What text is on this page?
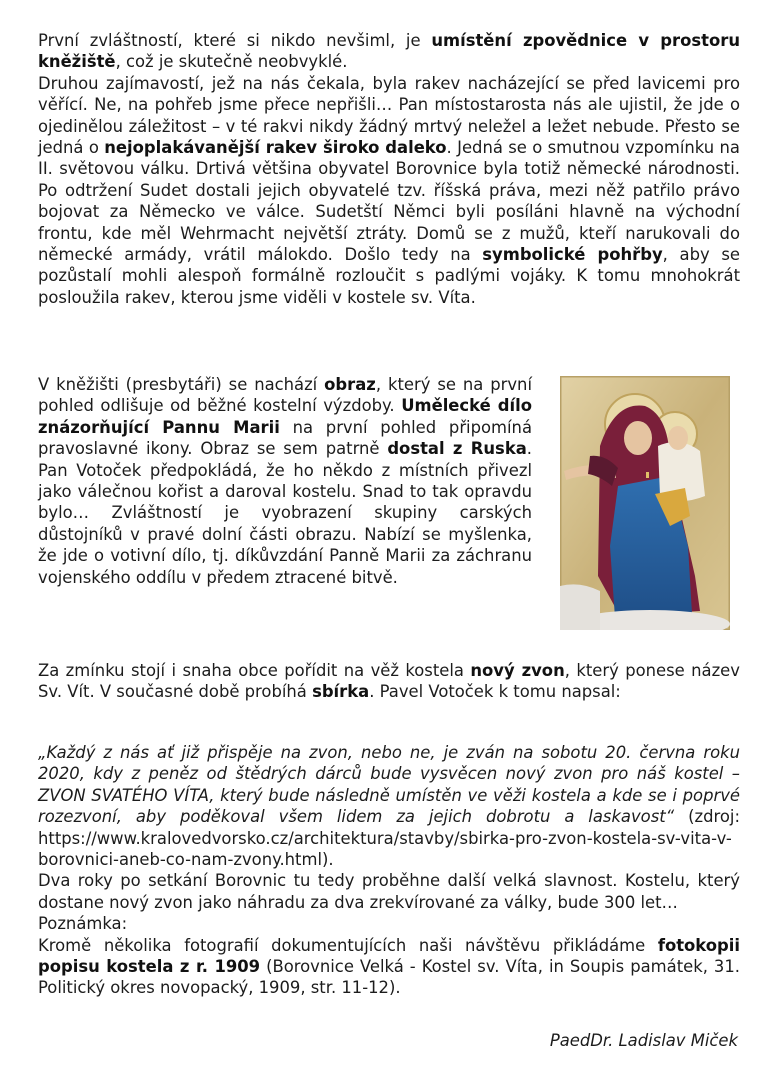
První zvláštností, které si nikdo nevšiml, je umístění zpovědnice v prostoru kněžiště, což je skutečně neobvyklé.
Druhou zajímavostí, jež na nás čekala, byla rakev nacházející se před lavicemi pro věřící. Ne, na pohřeb jsme přece nepřišli… Pan místostarosta nás ale ujistil, že jde o ojedinělou záležitost – v té rakvi nikdy žádný mrtvý neležel a ležet nebude. Přesto se jedná o nejoplakávanější rakev široko daleko. Jedná se o smutnou vzpomínku na II. světovou válku. Drtivá většina obyvatel Borovnice byla totiž německé národnosti. Po odtržení Sudet dostali jejich obyvatelé tzv. říšská práva, mezi něž patřilo právo bojovat za Německo ve válce. Sudetští Němci byli posíláni hlavně na východní frontu, kde měl Wehrmacht největší ztráty. Domů se z mužů, kteří narukovali do německé armády, vrátil málokdo. Došlo tedy na symbolické pohřby, aby se pozůstalí mohli alespoň formálně rozloučit s padlými vojáky. K tomu mnohokrát posloužila rakev, kterou jsme viděli v kostele sv. Víta.

V kněžišti (presbytáři) se nachází obraz, který se na první pohled odlišuje od běžné kostelní výzdoby. Umělecké dílo znázorňující Pannu Marii na první pohled připomíná pravoslavné ikony. Obraz se sem patrně dostal z Ruska. Pan Votoček předpokládá, že ho někdo z místních přivezl jako válečnou kořist a daroval kostelu. Snad to tak opravdu bylo… Zvláštností je vyobrazení skupiny carských důstojníků v pravé dolní části obrazu. Nabízí se myšlenka, že jde o votivní dílo, tj. díkůvzdání Panně Marii za záchranu vojenského oddílu v předem ztracené bitvě.

Za zmínku stojí i snaha obce pořídit na věž kostela nový zvon, který ponese název Sv. Vít. V současné době probíhá sbírka. Pavel Votoček k tomu napsal:

„Každý z nás ať již přispěje na zvon, nebo ne, je zván na sobotu 20. června roku 2020, kdy z peněz od štědrých dárců bude vysvěcen nový zvon pro náš kostel – ZVON SVATÉHO VÍTA, který bude následně umístěn ve věži kostela a kde se i poprvé rozezvoní, aby poděkoval všem lidem za jejich dobrotu a laskavost“ (zdroj: https://www.kralovedvorsko.cz/architektura/stavby/sbirka-pro-zvon-kostela-sv-vita-v-borovnici-aneb-co-nam-zvony.html).
Dva roky po setkání Borovnic tu tedy proběhne další velká slavnost. Kostelu, který dostane nový zvon jako náhradu za dva zrekvírované za války, bude 300 let…
Poznámka:
Kromě několika fotografií dokumentujících naši návštěvu přikládáme fotokopii popisu kostela z r. 1909 (Borovnice Velká - Kostel sv. Víta, in Soupis památek, 31. Politický okres novopacký, 1909, str. 11-12).

PaedDr. Ladislav Miček
